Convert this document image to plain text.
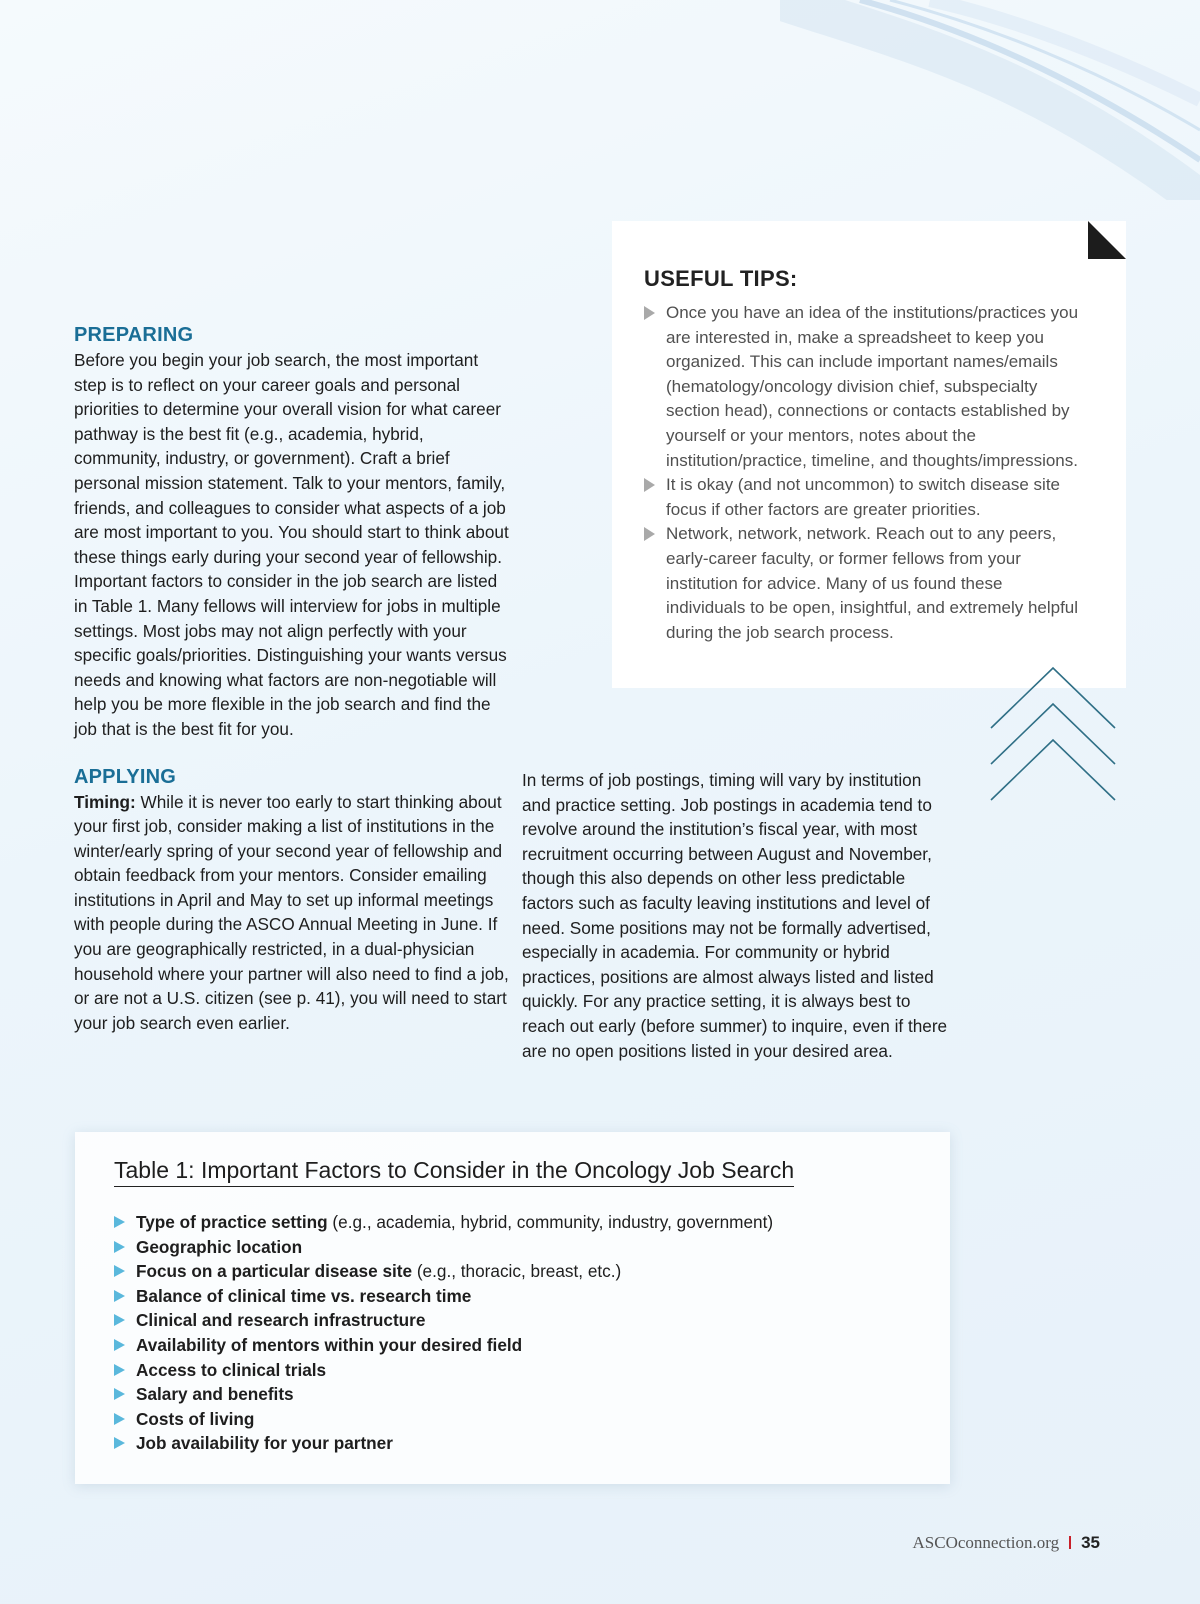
PREPARING

Before you begin your job search, the most important step is to reflect on your career goals and personal priorities to determine your overall vision for what career pathway is the best fit (e.g., academia, hybrid, community, industry, or government). Craft a brief personal mission statement. Talk to your mentors, family, friends, and colleagues to consider what aspects of a job are most important to you. You should start to think about these things early during your second year of fellowship. Important factors to consider in the job search are listed in Table 1. Many fellows will interview for jobs in multiple settings. Most jobs may not align perfectly with your specific goals/priorities. Distinguishing your wants versus needs and knowing what factors are non-negotiable will help you be more flexible in the job search and find the job that is the best fit for you.

APPLYING

Timing: While it is never too early to start thinking about your first job, consider making a list of institutions in the winter/early spring of your second year of fellowship and obtain feedback from your mentors. Consider emailing institutions in April and May to set up informal meetings with people during the ASCO Annual Meeting in June. If you are geographically restricted, in a dual-physician household where your partner will also need to find a job, or are not a U.S. citizen (see p. 41), you will need to start your job search even earlier.

In terms of job postings, timing will vary by institution and practice setting. Job postings in academia tend to revolve around the institution’s fiscal year, with most recruitment occurring between August and November, though this also depends on other less predictable factors such as faculty leaving institutions and level of need. Some positions may not be formally advertised, especially in academia. For community or hybrid practices, positions are almost always listed and listed quickly. For any practice setting, it is always best to reach out early (before summer) to inquire, even if there are no open positions listed in your desired area.

USEFUL TIPS:
Once you have an idea of the institutions/practices you are interested in, make a spreadsheet to keep you organized. This can include important names/emails (hematology/oncology division chief, subspecialty section head), connections or contacts established by yourself or your mentors, notes about the institution/practice, timeline, and thoughts/impressions.
It is okay (and not uncommon) to switch disease site focus if other factors are greater priorities.
Network, network, network. Reach out to any peers, early-career faculty, or former fellows from your institution for advice. Many of us found these individuals to be open, insightful, and extremely helpful during the job search process.
Table 1: Important Factors to Consider in the Oncology Job Search
Type of practice setting (e.g., academia, hybrid, community, industry, government)
Geographic location
Focus on a particular disease site (e.g., thoracic, breast, etc.)
Balance of clinical time vs. research time
Clinical and research infrastructure
Availability of mentors within your desired field
Access to clinical trials
Salary and benefits
Costs of living
Job availability for your partner
ASCOconnection.org 35
